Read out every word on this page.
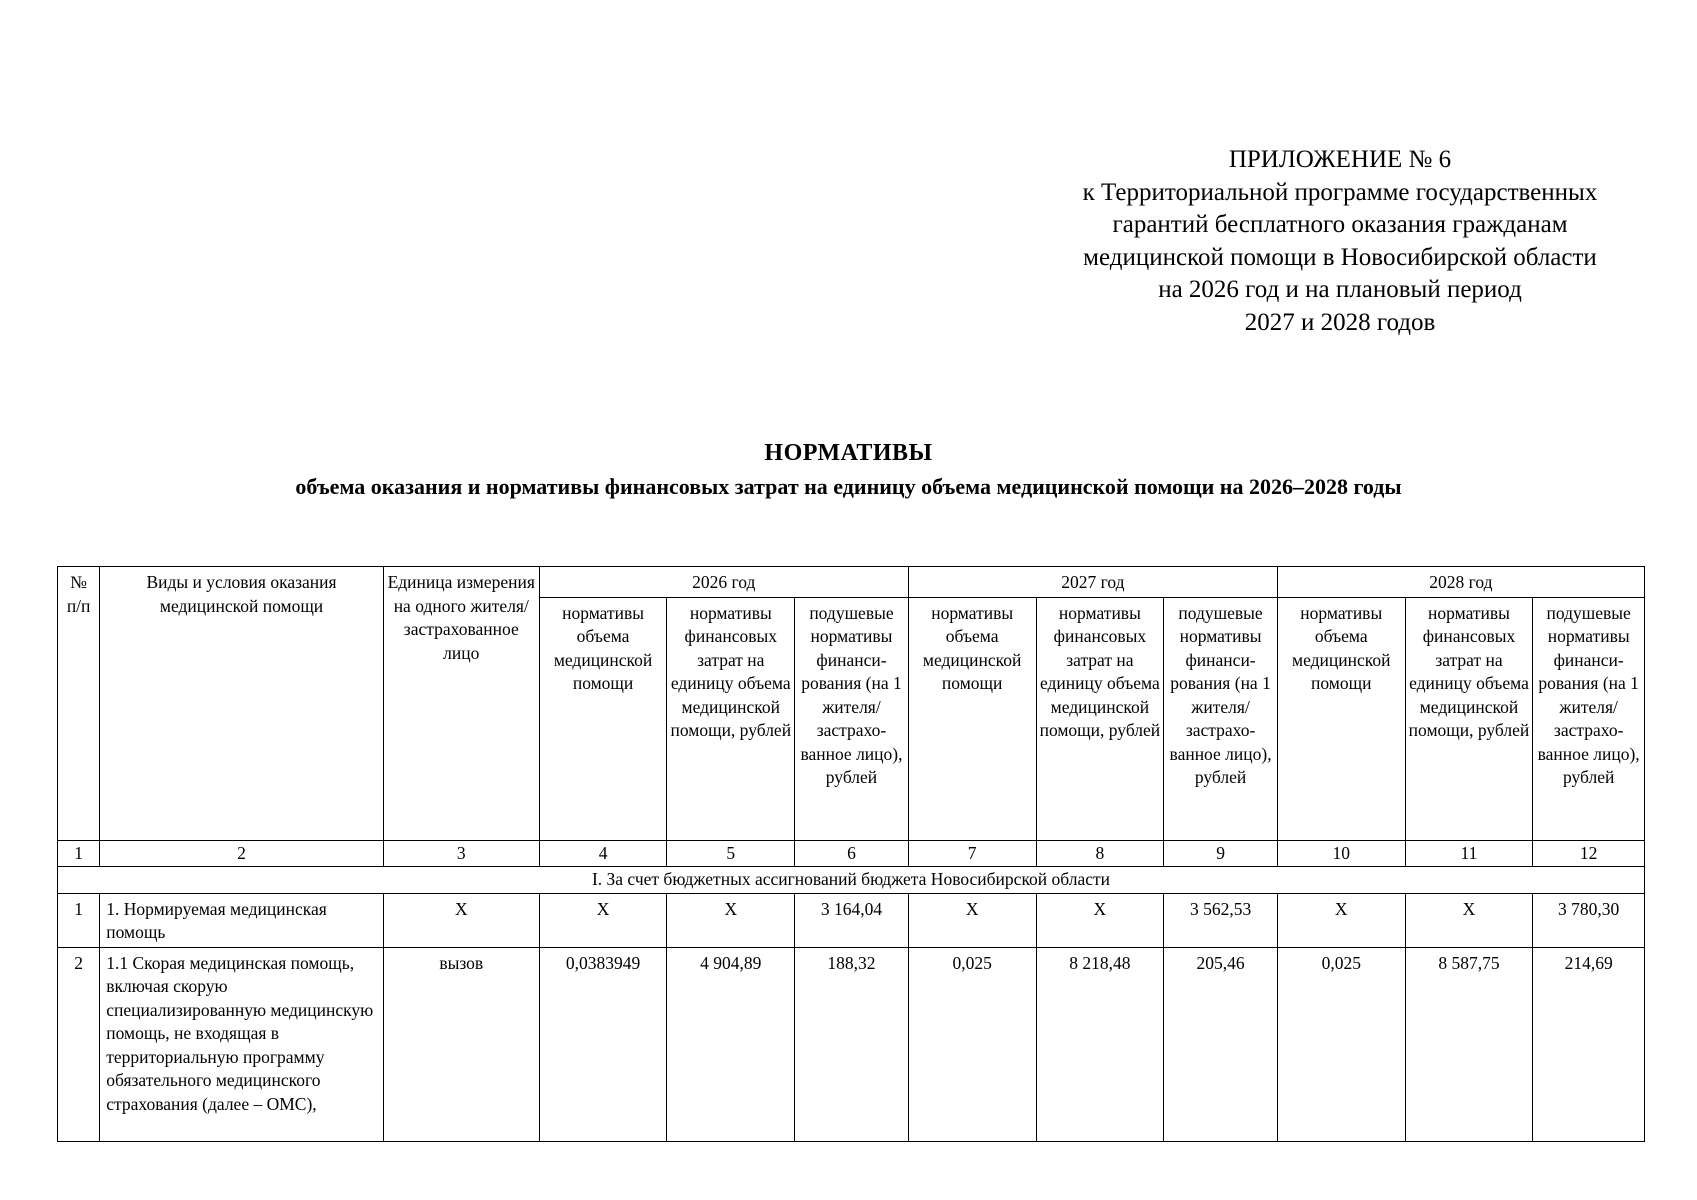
ПРИЛОЖЕНИЕ № 6
к Территориальной программе государственных
гарантий бесплатного оказания гражданам
медицинской помощи в Новосибирской области
на 2026 год и на плановый период
2027 и 2028 годов
НОРМАТИВЫ
объема оказания и нормативы финансовых затрат на единицу объема медицинской помощи на 2026–2028 годы
№ п/п	Виды и условия оказания медицинской помощи	Единица измерения на одного жителя/ застрахованное лицо	2026 год			2027 год			2028 год		
			нормативы объема медицинской помощи	нормативы финансовых затрат на единицу объема медицинской помощи, рублей	подушевые нормативы финанси-рования (на 1 жителя/ застрахо-ванное лицо), рублей	нормативы объема медицинской помощи	нормативы финансовых затрат на единицу объема медицинской помощи, рублей	подушевые нормативы финанси-рования (на 1 жителя/ застрахо-ванное лицо), рублей	нормативы объема медицинской помощи	нормативы финансовых затрат на единицу объема медицинской помощи, рублей	подушевые нормативы финанси-рования (на 1 жителя/ застрахо-ванное лицо), рублей
1	2	3	4	5	6	7	8	9	10	11	12
I. За счет бюджетных ассигнований бюджета Новосибирской области											
1	1. Нормируемая медицинская помощь	Х	Х	Х	3 164,04	Х	Х	3 562,53	Х	Х	3 780,30
2	1.1 Скорая медицинская помощь, включая скорую специализированную медицинскую помощь, не входящая в территориальную программу обязательного медицинского страхования (далее – ОМС),	вызов	0,0383949	4 904,89	188,32	0,025	8 218,48	205,46	0,025	8 587,75	214,69
